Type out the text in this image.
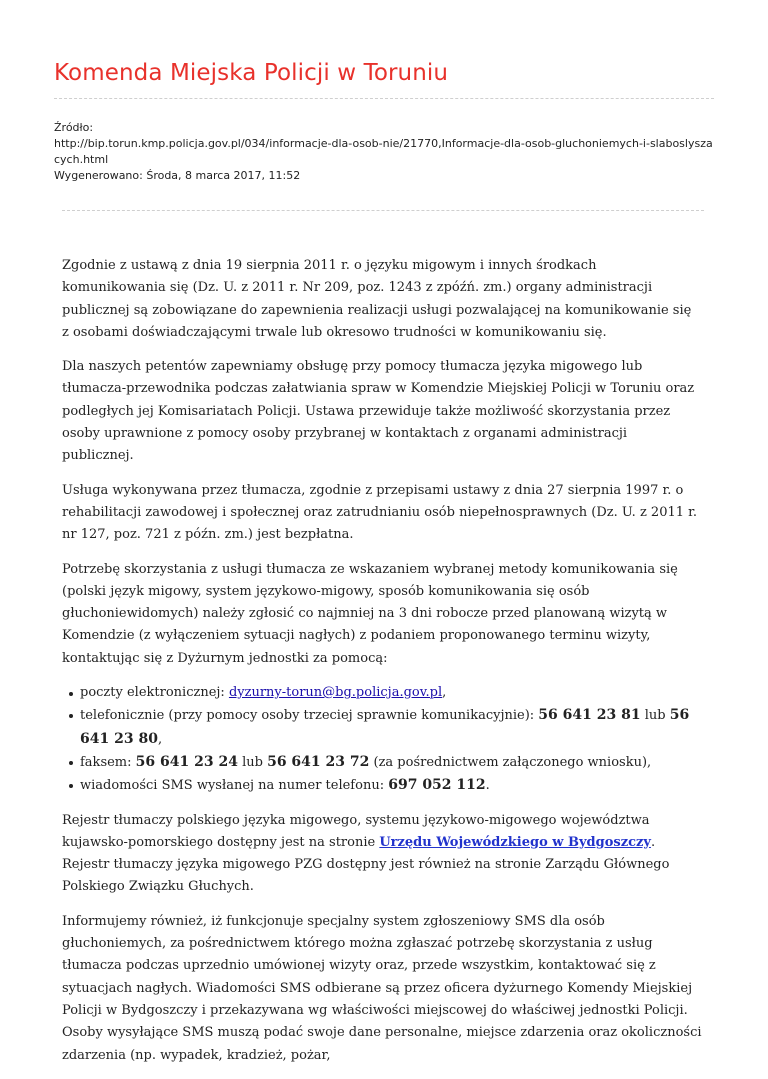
Komenda Miejska Policji w Toruniu
Źródło:
http://bip.torun.kmp.policja.gov.pl/034/informacje-dla-osob-nie/21770,Informacje-dla-osob-gluchoniemych-i-slaboslyszacych.html
Wygenerowano: Środa, 8 marca 2017, 11:52

Zgodnie z ustawą z dnia 19 sierpnia 2011 r. o języku migowym i innych środkach komunikowania się (Dz. U. z 2011 r. Nr 209, poz. 1243 z zpóźń. zm.) organy administracji publicznej są zobowiązane do zapewnienia realizacji usługi pozwalającej na komunikowanie się z osobami doświadczającymi trwale lub okresowo trudności w komunikowaniu się.

Dla naszych petentów zapewniamy obsługę przy pomocy tłumacza języka migowego lub tłumacza-przewodnika podczas załatwiania spraw w Komendzie Miejskiej Policji w Toruniu oraz podległych jej Komisariatach Policji. Ustawa przewiduje także możliwość skorzystania przez osoby uprawnione z pomocy osoby przybranej w kontaktach z organami administracji publicznej.

Usługa wykonywana przez tłumacza, zgodnie z przepisami ustawy z dnia 27 sierpnia 1997 r. o rehabilitacji zawodowej i społecznej oraz zatrudnianiu osób niepełnosprawnych (Dz. U. z 2011 r. nr 127, poz. 721 z późn. zm.) jest bezpłatna.

Potrzebę skorzystania z usługi tłumacza ze wskazaniem wybranej metody komunikowania się (polski język migowy, system językowo-migowy, sposób komunikowania się osób głuchoniewidomych) należy zgłosić co najmniej na 3 dni robocze przed planowaną wizytą w Komendzie (z wyłączeniem sytuacji nagłych) z podaniem proponowanego terminu wizyty, kontaktując się z Dyżurnym jednostki za pomocą:

poczty elektronicznej: dyzurny-torun@bg.policja.gov.pl,
telefonicznie (przy pomocy osoby trzeciej sprawnie komunikacyjnie): 56 641 23 81 lub 56 641 23 80,
faksem: 56 641 23 24 lub 56 641 23 72 (za pośrednictwem załączonego wniosku),
wiadomości SMS wysłanej na numer telefonu: 697 052 112.

Rejestr tłumaczy polskiego języka migowego, systemu językowo-migowego województwa kujawsko-pomorskiego dostępny jest na stronie Urzędu Wojewódzkiego w Bydgoszczy. Rejestr tłumaczy języka migowego PZG dostępny jest również na stronie Zarządu Głównego Polskiego Związku Głuchych.

Informujemy również, iż funkcjonuje specjalny system zgłoszeniowy SMS dla osób głuchoniemych, za pośrednictwem którego można zgłaszać potrzebę skorzystania z usług tłumacza podczas uprzednio umówionej wizyty oraz, przede wszystkim, kontaktować się z sytuacjach nagłych. Wiadomości SMS odbierane są przez oficera dyżurnego Komendy Miejskiej Policji w Bydgoszczy i przekazywana wg właściwości miejscowej do właściwej jednostki Policji. Osoby wysyłające SMS muszą podać swoje dane personalne, miejsce zdarzenia oraz okoliczności zdarzenia (np. wypadek, kradzież, pożar,
